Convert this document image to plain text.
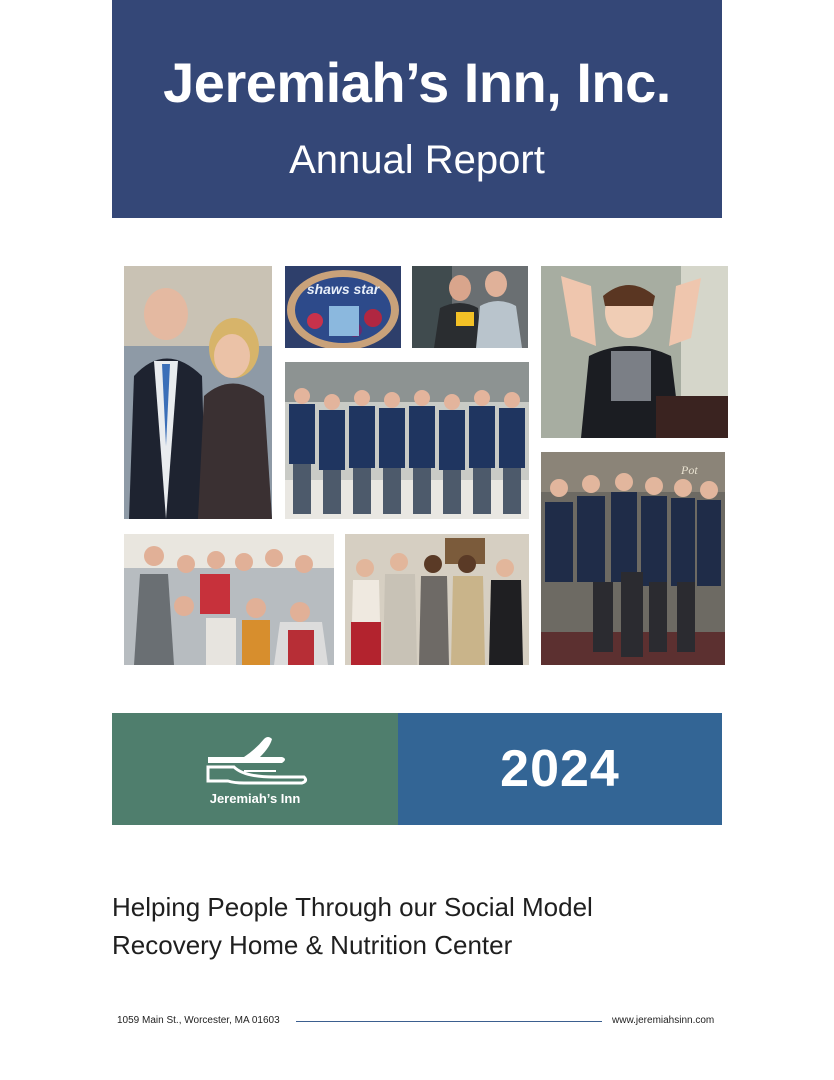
Jeremiah’s Inn, Inc.
Annual Report
shaws star
Pot
Jeremiah’s Inn
2024
Helping People Through our Social Model
Recovery Home & Nutrition Center
1059 Main St., Worcester, MA 01603	www.jeremiahsinn.com
